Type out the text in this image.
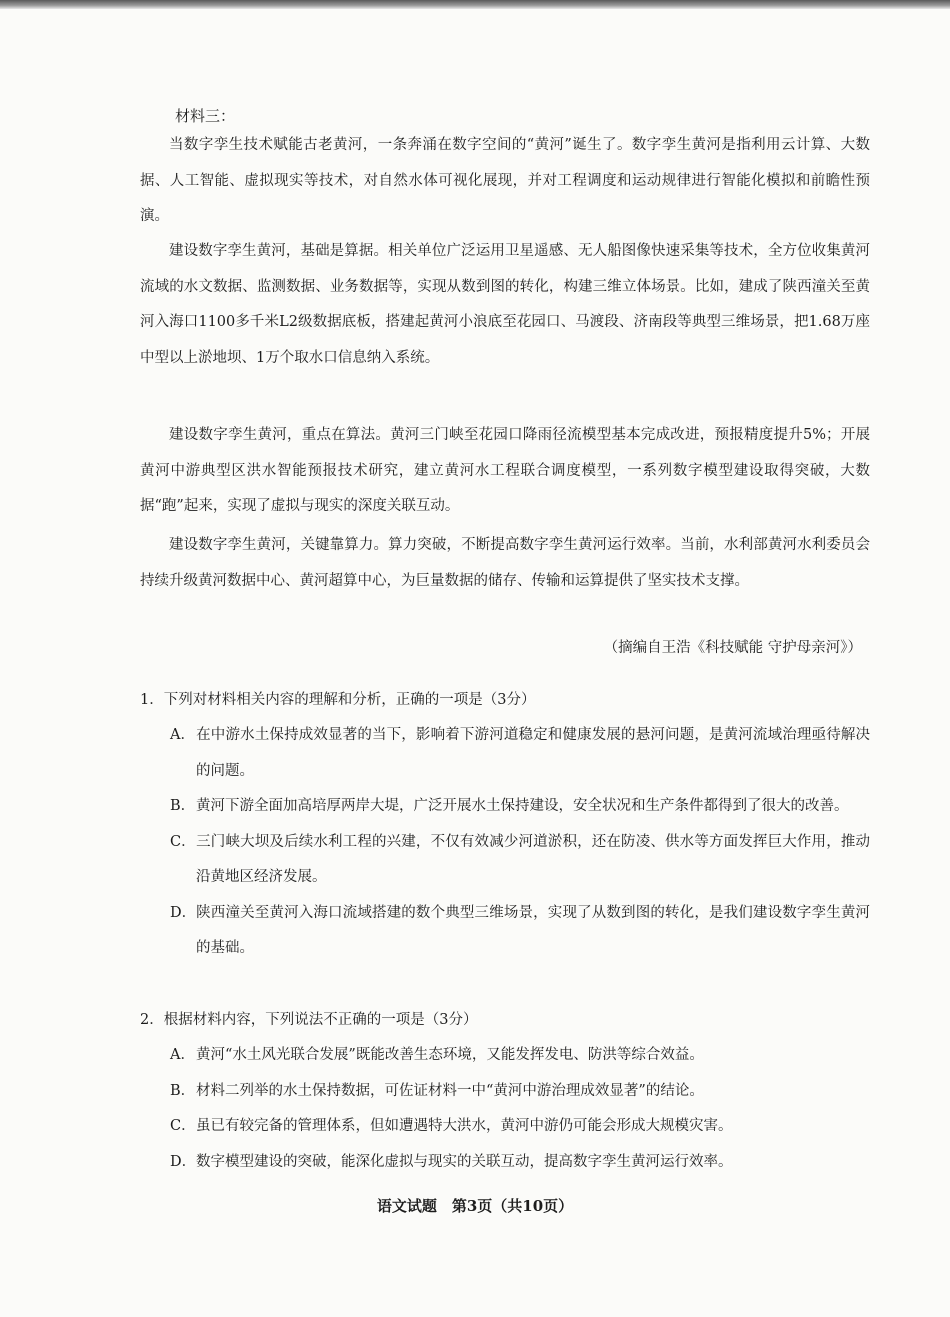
材料三：

当数字孪生技术赋能古老黄河，一条奔涌在数字空间的“黄河”诞生了。数字孪生黄河是指利用云计算、大数据、人工智能、虚拟现实等技术，对自然水体可视化展现，并对工程调度和运动规律进行智能化模拟和前瞻性预演。

建设数字孪生黄河，基础是算据。相关单位广泛运用卫星遥感、无人船图像快速采集等技术，全方位收集黄河流域的水文数据、监测数据、业务数据等，实现从数到图的转化，构建三维立体场景。比如，建成了陕西潼关至黄河入海口1100多千米L2级数据底板，搭建起黄河小浪底至花园口、马渡段、济南段等典型三维场景，把1.68万座中型以上淤地坝、1万个取水口信息纳入系统。

建设数字孪生黄河，重点在算法。黄河三门峡至花园口降雨径流模型基本完成改进，预报精度提升5%；开展黄河中游典型区洪水智能预报技术研究，建立黄河水工程联合调度模型，一系列数字模型建设取得突破，大数据“跑”起来，实现了虚拟与现实的深度关联互动。

建设数字孪生黄河，关键靠算力。算力突破，不断提高数字孪生黄河运行效率。当前，水利部黄河水利委员会持续升级黄河数据中心、黄河超算中心，为巨量数据的储存、传输和运算提供了坚实技术支撑。

（摘编自王浩《科技赋能 守护母亲河》）

1．下列对材料相关内容的理解和分析，正确的一项是（3分）
A．在中游水土保持成效显著的当下，影响着下游河道稳定和健康发展的悬河问题，是黄河流域治理亟待解决的问题。
B．黄河下游全面加高培厚两岸大堤，广泛开展水土保持建设，安全状况和生产条件都得到了很大的改善。
C．三门峡大坝及后续水利工程的兴建，不仅有效减少河道淤积，还在防凌、供水等方面发挥巨大作用，推动沿黄地区经济发展。
D．陕西潼关至黄河入海口流域搭建的数个典型三维场景，实现了从数到图的转化，是我们建设数字孪生黄河的基础。
2．根据材料内容，下列说法不正确的一项是（3分）
A．黄河“水土风光联合发展”既能改善生态环境，又能发挥发电、防洪等综合效益。
B．材料二列举的水土保持数据，可佐证材料一中“黄河中游治理成效显著”的结论。
C．虽已有较完备的管理体系，但如遭遇特大洪水，黄河中游仍可能会形成大规模灾害。
D．数字模型建设的突破，能深化虚拟与现实的关联互动，提高数字孪生黄河运行效率。

语文试题　第3页（共10页）
